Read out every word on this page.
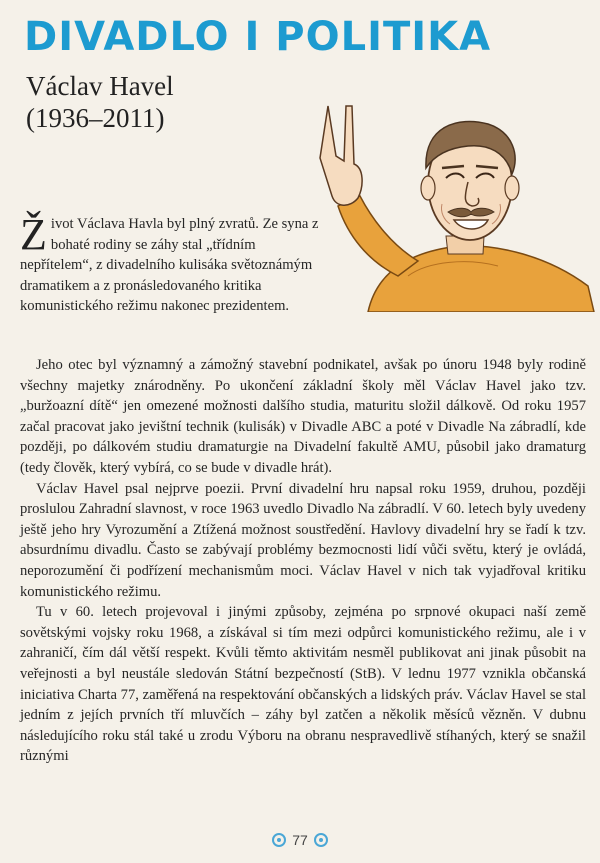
DIVADLO I POLITIKA
Václav Havel
(1936–2011)
Ž ivot Václava Havla byl plný zvratů. Ze syna z bohaté rodiny se záhy stal „třídním nepřítelem“, z divadelního kulisáka světoznámým dramatikem a z pronásledovaného kritika komunistického režimu nakonec prezidentem.

Jeho otec byl významný a zámožný stavební podnikatel, avšak po únoru 1948 byly rodině všechny majetky znárodněny. Po ukončení základní školy měl Václav Havel jako tzv. „buržoazní dítě“ jen omezené možnosti dalšího studia, maturitu složil dálkově. Od roku 1957 začal pracovat jako jevištní technik (kulisák) v Divadle ABC a poté v Divadle Na zábradlí, kde později, po dálkovém studiu dramaturgie na Divadelní fakultě AMU, působil jako dramaturg (tedy člověk, který vybírá, co se bude v divadle hrát).

Václav Havel psal nejprve poezii. První divadelní hru napsal roku 1959, druhou, později proslulou Zahradní slavnost, v roce 1963 uvedlo Divadlo Na zábradlí. V 60. letech byly uvedeny ještě jeho hry Vyrozumění a Ztížená možnost soustředění. Havlovy divadelní hry se řadí k tzv. absurdnímu divadlu. Často se zabývají problémy bezmocnosti lidí vůči světu, který je ovládá, neporozumění či podřízení mechanismům moci. Václav Havel v nich tak vyjadřoval kritiku komunistického režimu.

Tu v 60. letech projevoval i jinými způsoby, zejména po srpnové okupaci naší země sovětskými vojsky roku 1968, a získával si tím mezi odpůrci komunistického režimu, ale i v zahraničí, čím dál větší respekt. Kvůli těmto aktivitám nesměl publikovat ani jinak působit na veřejnosti a byl neustále sledován Státní bezpečností (StB). V lednu 1977 vznikla občanská iniciativa Charta 77, zaměřená na respektování občanských a lidských práv. Václav Havel se stal jedním z jejích prvních tří mluvčích – záhy byl zatčen a několik měsíců vězněn. V dubnu následujícího roku stál také u zrodu Výboru na obranu nespravedlivě stíhaných, který se snažil různými

77
